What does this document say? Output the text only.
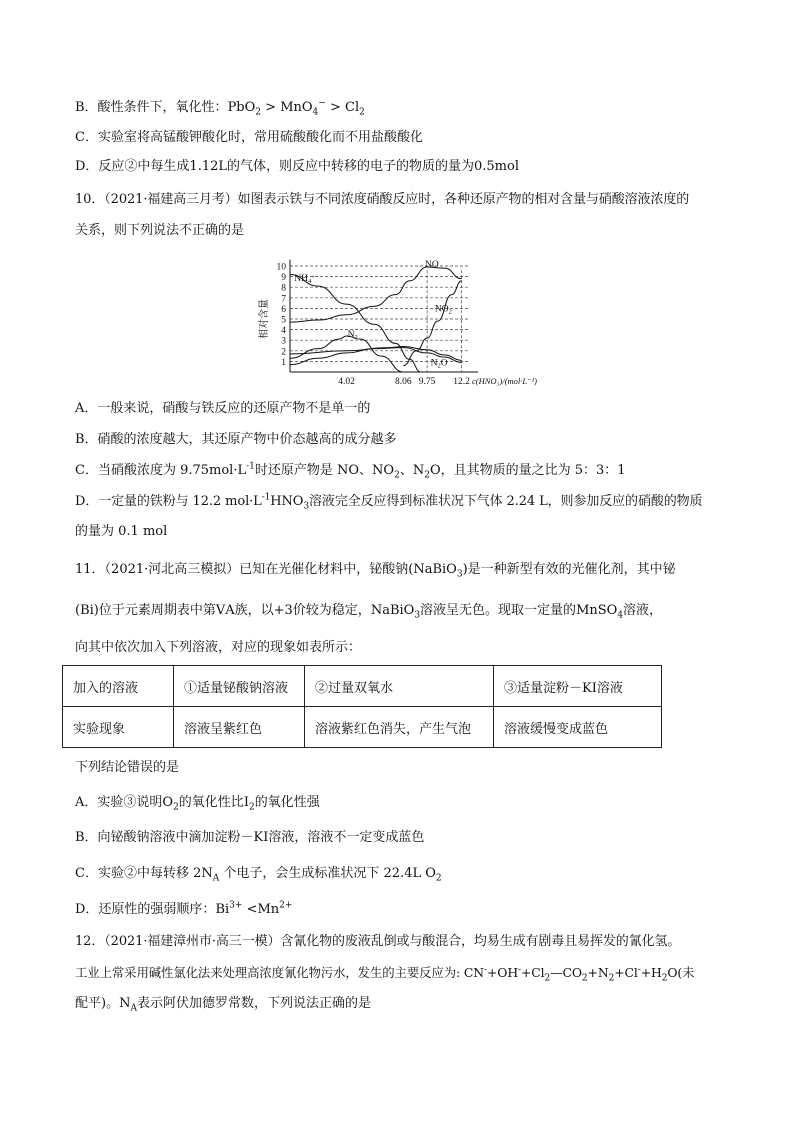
B．酸性条件下，氧化性：$PbO_2 > MnO_4^- > Cl_2$
C．实验室将高锰酸钾酸化时，常用硫酸酸化而不用盐酸酸化
D．反应②中每生成1.12L的气体，则反应中转移的电子的物质的量为0.5mol
10．（2021·福建高三月考）如图表示铁与不同浓度硝酸反应时，各种还原产物的相对含量与硝酸溶液浓度的
关系，则下列说法不正确的是
1
2
3
4
5
6
7
8
9
10
4.02	8.06 9.75 12.2 c(HNO₃)/(mol·L⁻¹)
相对含量
$NH_4^+$
NO
$NO_2$
$N_2$
$N_2O$
A．一般来说，硝酸与铁反应的还原产物不是单一的
B．硝酸的浓度越大，其还原产物中价态越高的成分越多
C．当硝酸浓度为 $9.75mol\cdot L^{-1}$时还原产物是 NO、$NO_2$、$N_2O$，且其物质的量之比为 5：3：1
D．一定量的铁粉与 12.2 $mol\cdot L^{-1}HNO_3$溶液完全反应得到标准状况下气体 2.24 L，则参加反应的硝酸的物质
的量为 0.1 mol
11．（2021·河北高三模拟）已知在光催化材料中，铋酸钠(NaBiO$_3$)是一种新型有效的光催化剂，其中铋
(Bi)位于元素周期表中第ⅤA族，以+3价较为稳定，NaBiO$_3$溶液呈无色。现取一定量的MnSO$_4$溶液，
向其中依次加入下列溶液，对应的现象如表所示：
加入的溶液	①适量铋酸钠溶液	②过量双氧水	③适量淀粉－KI溶液
实验现象	溶液呈紫红色	溶液紫红色消失，产生气泡	溶液缓慢变成蓝色
下列结论错误的是
A．实验③说明$O_2$的氧化性比$I_2$的氧化性强
B．向铋酸钠溶液中滴加淀粉－KI溶液，溶液不一定变成蓝色
C．实验②中每转移 $2N_A$ 个电子，会生成标准状况下 22.4L $O_2$
D．还原性的强弱顺序：$Bi^{3+} <Mn^{2+}$
12．（2021·福建漳州市·高三一模）含氰化物的废液乱倒或与酸混合，均易生成有剧毒且易挥发的氰化氢。
工业上常采用碱性氯化法来处理高浓度氰化物污水，发生的主要反应为: $CN^-+OH^-+Cl_2—CO_2+N_2+Cl^-+H_2O$(未
配平)。$N_A$表示阿伏加德罗常数，下列说法正确的是
